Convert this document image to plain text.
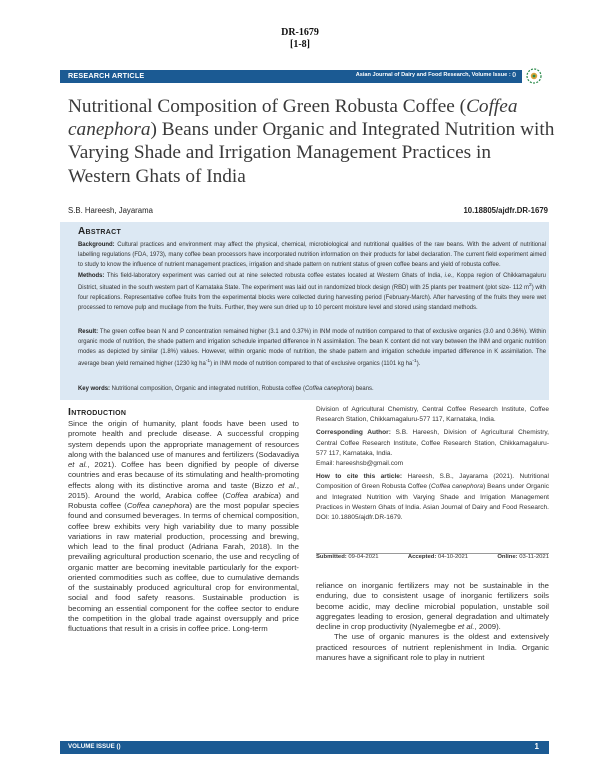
DR-1679
[1-8]
RESEARCH ARTICLE	Asian Journal of Dairy and Food Research, Volume Issue : ()
Nutritional Composition of Green Robusta Coffee (Coffea canephora) Beans under Organic and Integrated Nutrition with Varying Shade and Irrigation Management Practices in Western Ghats of India
S.B. Hareesh, Jayarama	10.18805/ajdfr.DR-1679
Abstract
Background: Cultural practices and environment may affect the physical, chemical, microbiological and nutritional qualities of the raw beans. With the advent of nutritional labelling regulations (FDA, 1973), many coffee bean processors have incorporated nutrition information on their products for label declaration. The current field experiment aimed to study to know the influence of nutrient management practices, irrigation and shade pattern on nutrient status of green coffee beans and yield of robusta coffee.
Methods: This field-laboratory experiment was carried out at nine selected robusta coffee estates located at Western Ghats of India, i.e., Koppa region of Chikkamagaluru District, situated in the south western part of Karnataka State. The experiment was laid out in randomized block design (RBD) with 25 plants per treatment (plot size- 112 $m^2$) with four replications. Representative coffee fruits from the experimental blocks were collected during harvesting period (February-March). After harvesting of the fruits they were wet processed to remove pulp and mucilage from the fruits. Further, they were sun dried up to 10 percent moisture level and stored using standard methods.
Result: The green coffee bean N and P concentration remained higher (3.1 and 0.37%) in INM mode of nutrition compared to that of exclusive organics (3.0 and 0.36%). Within organic mode of nutrition, the shade pattern and irrigation schedule imparted difference in N assimilation. The bean K content did not vary between the INM and organic nutrition modes as depicted by similar (1.8%) values. However, within organic mode of nutrition, the shade pattern and irrigation schedule imparted difference in K assimilation. The average bean yield remained higher (1230 kg $ha^{-1}$) in INM mode of nutrition compared to that of exclusive organics (1101 kg $ha^{-1}$).
Key words: Nutritional composition, Organic and integrated nutrition, Robusta coffee (Coffea canephora) beans.
Introduction
Since the origin of humanity, plant foods have been used to promote health and preclude disease. A successful cropping system depends upon the appropriate management of resources along with the balanced use of manures and fertilizers (Sodavadiya et al., 2021). Coffee has been dignified by people of diverse countries and eras because of its stimulating and health-promoting effects along with its distinctive aroma and taste (Bizzo et al., 2015). Around the world, Arabica coffee (Coffea arabica) and Robusta coffee (Coffea canephora) are the most popular species found and consumed beverages. In terms of chemical composition, coffee brew exhibits very high variability due to many possible variations in raw material production, processing and brewing, which lead to the final product (Adriana Farah, 2018). In the prevailing agricultural production scenario, the use and recycling of organic matter are becoming inevitable particularly for the export-oriented commodities such as coffee, due to cumulative demands of the sustainably produced agricultural crop for environmental, social and food safety reasons. Sustainable production is becoming an essential component for the coffee sector to endure the competition in the global trade against oversupply and price fluctuations that result in a crisis in coffee price. Long-term

Division of Agricultural Chemistry, Central Coffee Research Institute, Coffee Research Station, Chikkamagaluru-577 117, Karnataka, India.

Corresponding Author: S.B. Hareesh, Division of Agricultural Chemistry, Central Coffee Research Institute, Coffee Research Station, Chikkamagaluru-577 117, Karnataka, India.

Email: hareeshsb@gmail.com

How to cite this article: Hareesh, S.B., Jayarama (2021). Nutritional Composition of Green Robusta Coffee (Coffea canephora) Beans under Organic and Integrated Nutrition with Varying Shade and Irrigation Management Practices in Western Ghats of India. Asian Journal of Dairy and Food Research. DOI: 10.18805/ajdfr.DR-1679.

Submitted: 09-04-2021	Accepted: 04-10-2021	Online: 03-11-2021

reliance on inorganic fertilizers may not be sustainable in the enduring, due to consistent usage of inorganic fertilizers soils become acidic, may decline microbial population, unstable soil aggregates leading to erosion, general degradation and ultimately decline in crop productivity (Nyalemegbe et al., 2009).

The use of organic manures is the oldest and extensively practiced resources of nutrient replenishment in India. Organic manures have a significant role to play in nutrient

VOLUME ISSUE ()	1
